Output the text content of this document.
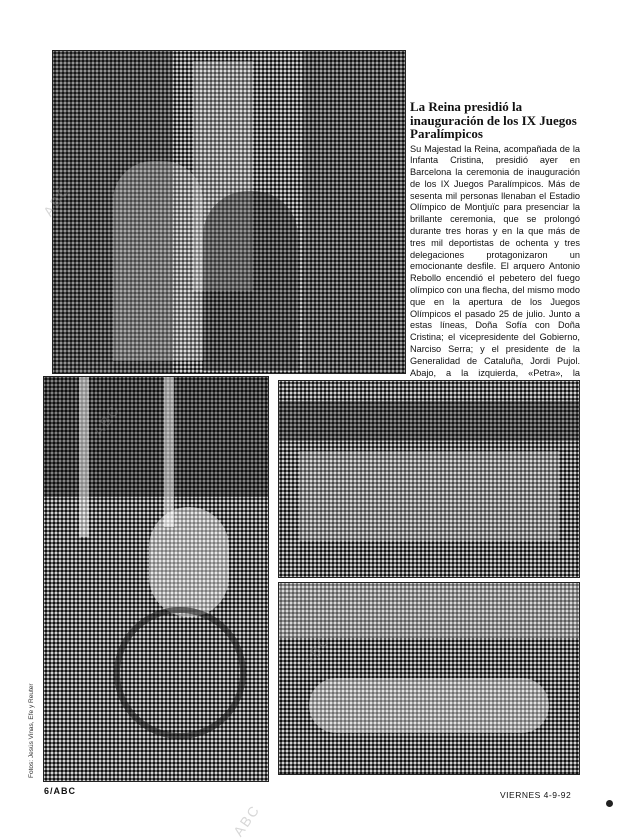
La Reina presidió la inauguración de los IX Juegos Paralímpicos

Su Majestad la Reina, acompañada de la Infanta Cristina, presidió ayer en Barcelona la ceremonia de inauguración de los IX Juegos Paralímpicos. Más de sesenta mil personas llenaban el Estadio Olímpico de Montjuïc para presenciar la brillante ceremonia, que se prolongó durante tres horas y en la que más de tres mil deportistas de ochenta y tres delegaciones protagonizaron un emocionante desfile. El arquero Antonio Rebollo encendió el pebetero del fuego olímpico con una flecha, del mismo modo que en la apertura de los Juegos Olímpicos el pasado 25 de julio. Junto a estas líneas, Doña Sofía con Doña Cristina; el vicepresidente del Gobierno, Narciso Serra; y el presidente de la Generalidad de Cataluña, Jordi Pujol. Abajo, a la izquierda, «Petra», la

Fotos: Jesús Vinas, Efe y Reuter
6/ABC	VIERNES 4-9-92
ABC
ABC
ABC
ABC
